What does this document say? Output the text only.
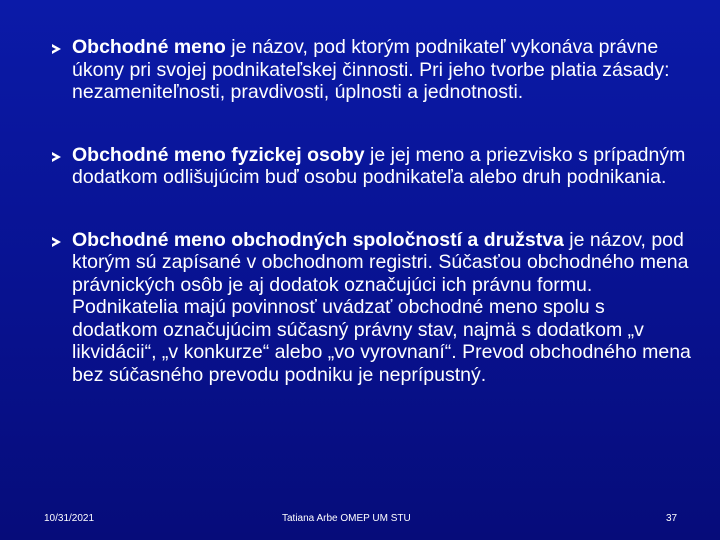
Obchodné meno je názov, pod ktorým podnikateľ vykonáva právne úkony pri svojej podnikateľskej činnosti. Pri jeho tvorbe platia zásady: nezameniteľnosti, pravdivosti, úplnosti a jednotnosti.
Obchodné meno fyzickej osoby je jej meno a priezvisko s prípadným dodatkom odlišujúcim buď osobu podnikateľa alebo druh podnikania.
Obchodné meno obchodných spoločností a družstva je názov, pod ktorým sú zapísané v obchodnom registri. Súčasťou obchodného mena právnických osôb je aj dodatok označujúci ich právnu formu. Podnikatelia majú povinnosť uvádzať obchodné meno spolu s dodatkom označujúcim súčasný právny stav, najmä s dodatkom „v likvidácii“, „v konkurze“ alebo „vo vyrovnaní“. Prevod obchodného mena bez súčasného prevodu podniku je neprípustný.
10/31/2021	Tatiana Arbe OMEP UM STU	37
